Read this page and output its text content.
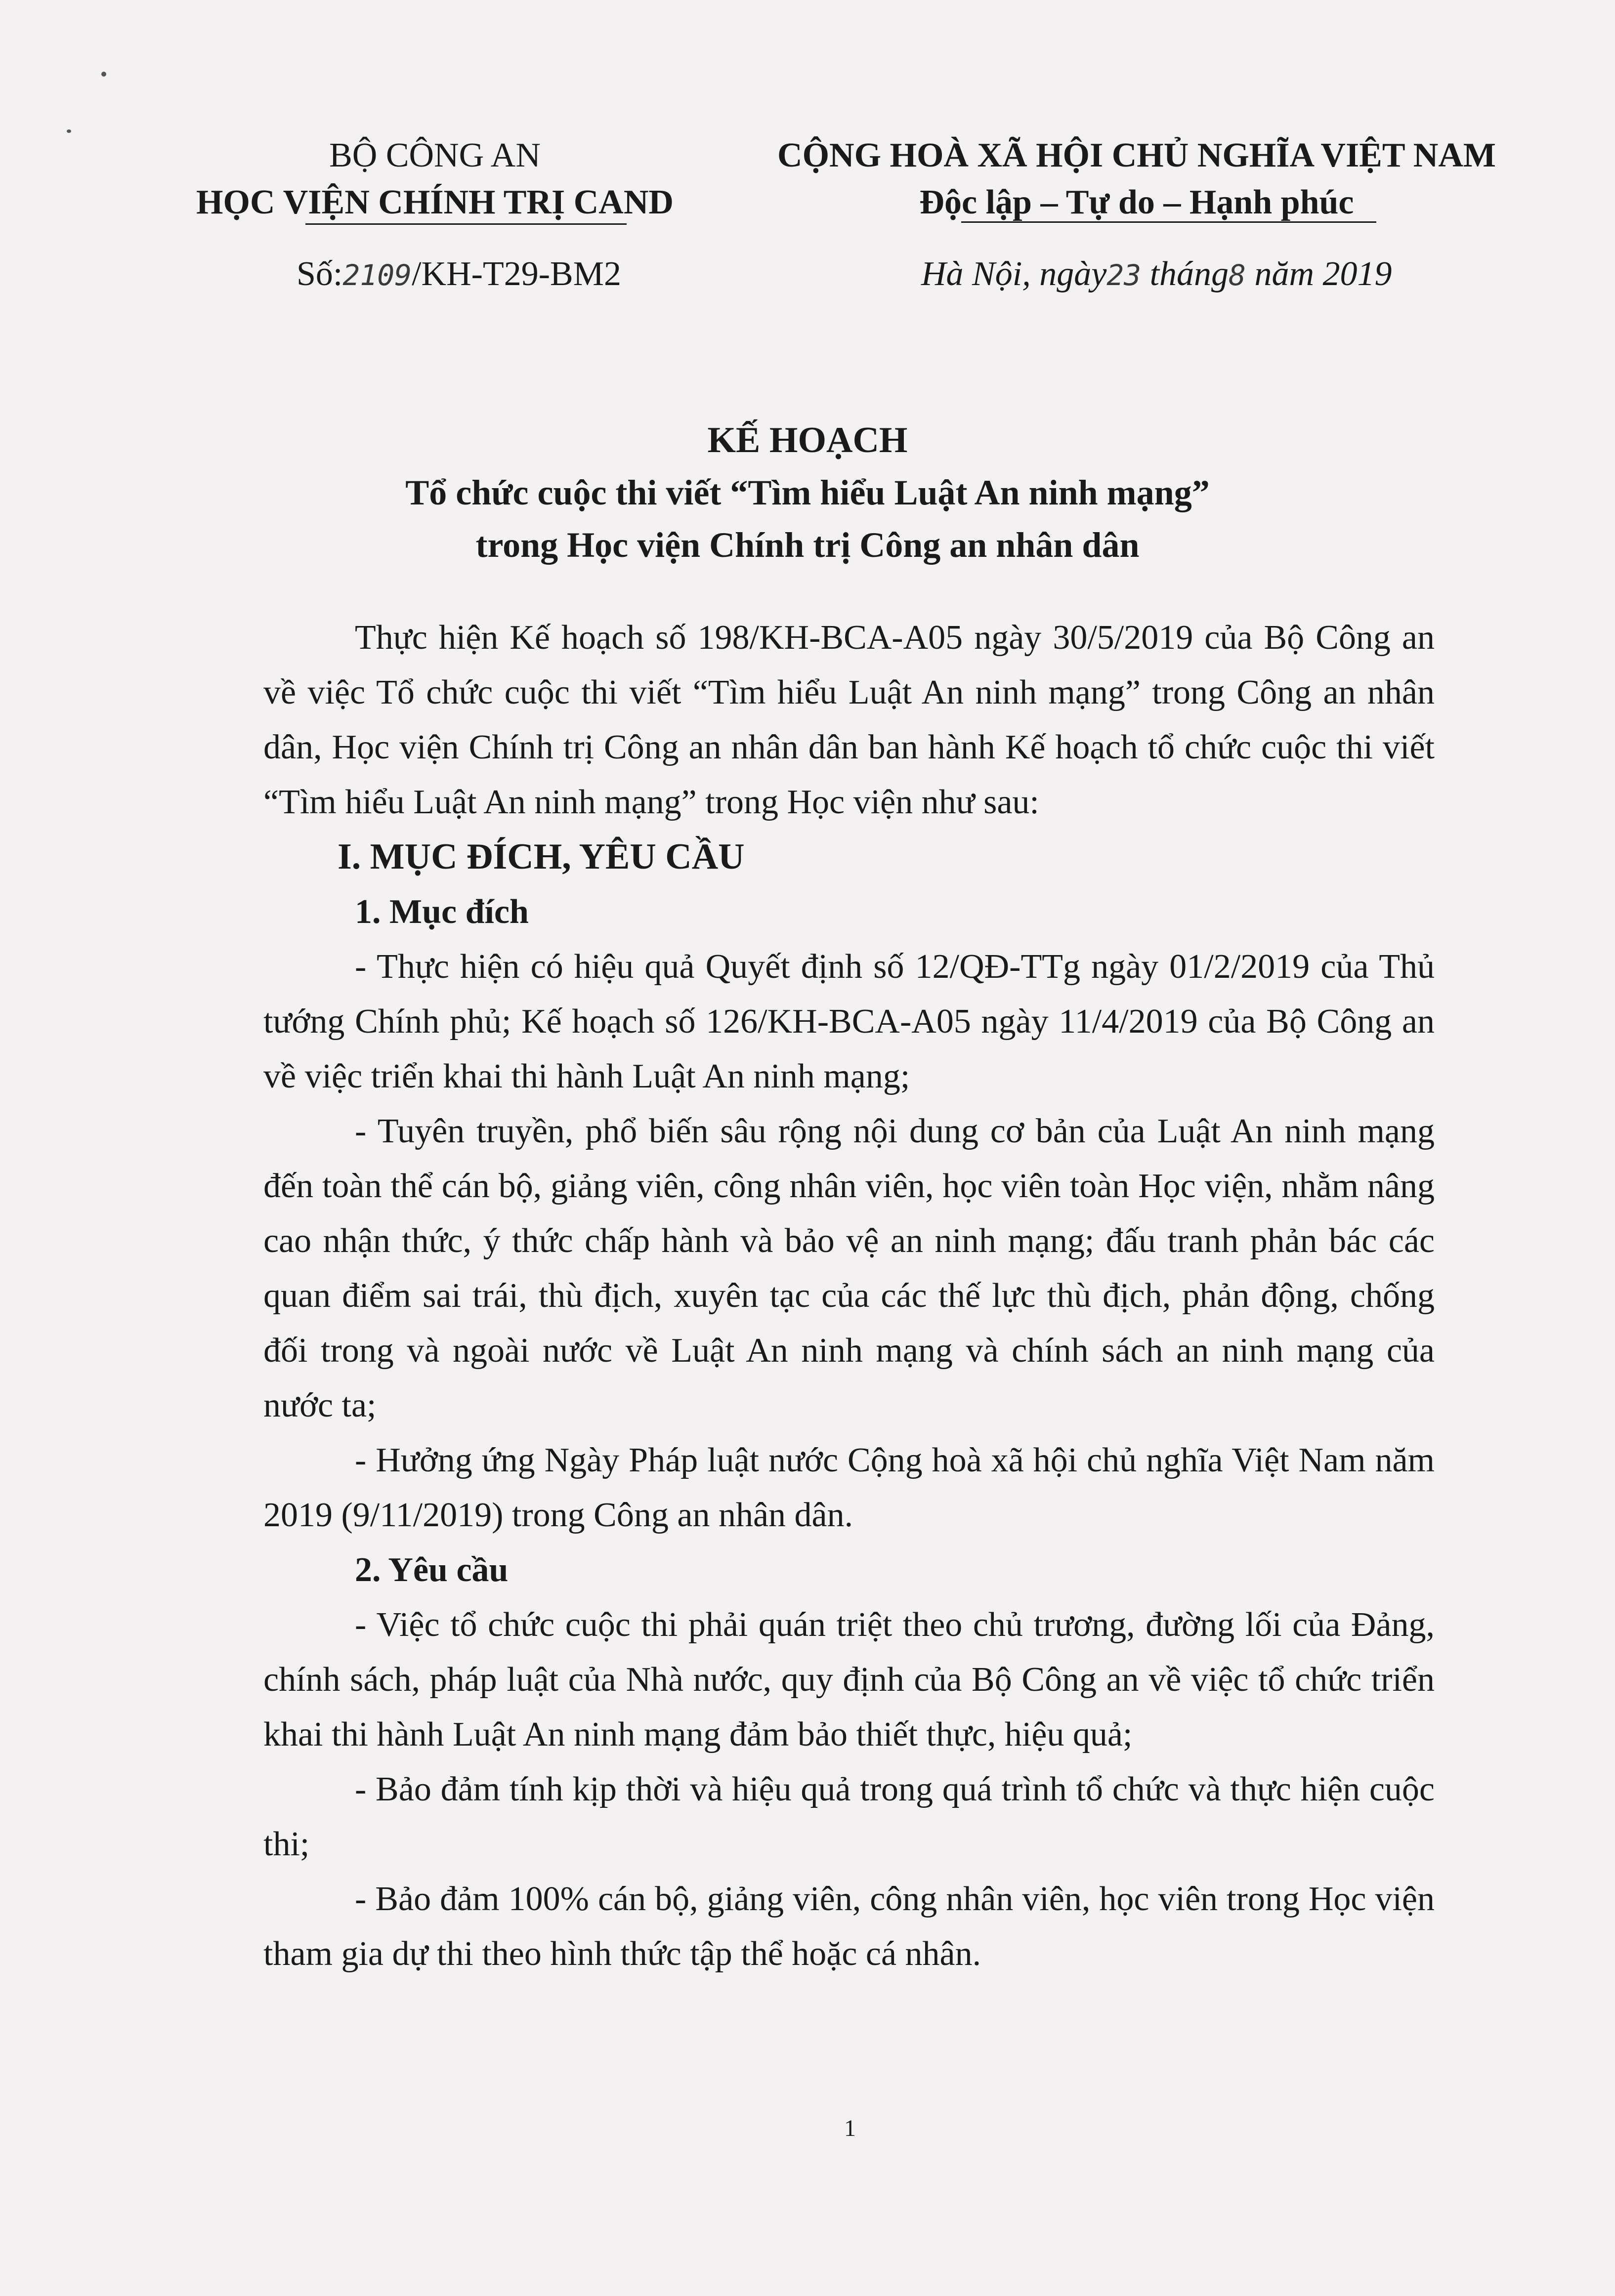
BỘ CÔNG AN
HỌC VIỆN CHÍNH TRỊ CAND
CỘNG HOÀ XÃ HỘI CHỦ NGHĨA VIỆT NAM
Độc lập – Tự do – Hạnh phúc
Số:2109/KH-T29-BM2	Hà Nội, ngày23 tháng8 năm 2019
KẾ HOẠCH
Tổ chức cuộc thi viết “Tìm hiểu Luật An ninh mạng”
trong Học viện Chính trị Công an nhân dân

Thực hiện Kế hoạch số 198/KH-BCA-A05 ngày 30/5/2019 của Bộ Công an về việc Tổ chức cuộc thi viết “Tìm hiểu Luật An ninh mạng” trong Công an nhân dân, Học viện Chính trị Công an nhân dân ban hành Kế hoạch tổ chức cuộc thi viết “Tìm hiểu Luật An ninh mạng” trong Học viện như sau:

I. MỤC ĐÍCH, YÊU CẦU

1. Mục đích

- Thực hiện có hiệu quả Quyết định số 12/QĐ-TTg ngày 01/2/2019 của Thủ tướng Chính phủ; Kế hoạch số 126/KH-BCA-A05 ngày 11/4/2019 của Bộ Công an về việc triển khai thi hành Luật An ninh mạng;

- Tuyên truyền, phổ biến sâu rộng nội dung cơ bản của Luật An ninh mạng đến toàn thể cán bộ, giảng viên, công nhân viên, học viên toàn Học viện, nhằm nâng cao nhận thức, ý thức chấp hành và bảo vệ an ninh mạng; đấu tranh phản bác các quan điểm sai trái, thù địch, xuyên tạc của các thế lực thù địch, phản động, chống đối trong và ngoài nước về Luật An ninh mạng và chính sách an ninh mạng của nước ta;

- Hưởng ứng Ngày Pháp luật nước Cộng hoà xã hội chủ nghĩa Việt Nam năm 2019 (9/11/2019) trong Công an nhân dân.

2. Yêu cầu

- Việc tổ chức cuộc thi phải quán triệt theo chủ trương, đường lối của Đảng, chính sách, pháp luật của Nhà nước, quy định của Bộ Công an về việc tổ chức triển khai thi hành Luật An ninh mạng đảm bảo thiết thực, hiệu quả;

- Bảo đảm tính kịp thời và hiệu quả trong quá trình tổ chức và thực hiện cuộc thi;

- Bảo đảm 100% cán bộ, giảng viên, công nhân viên, học viên trong Học viện tham gia dự thi theo hình thức tập thể hoặc cá nhân.

1
